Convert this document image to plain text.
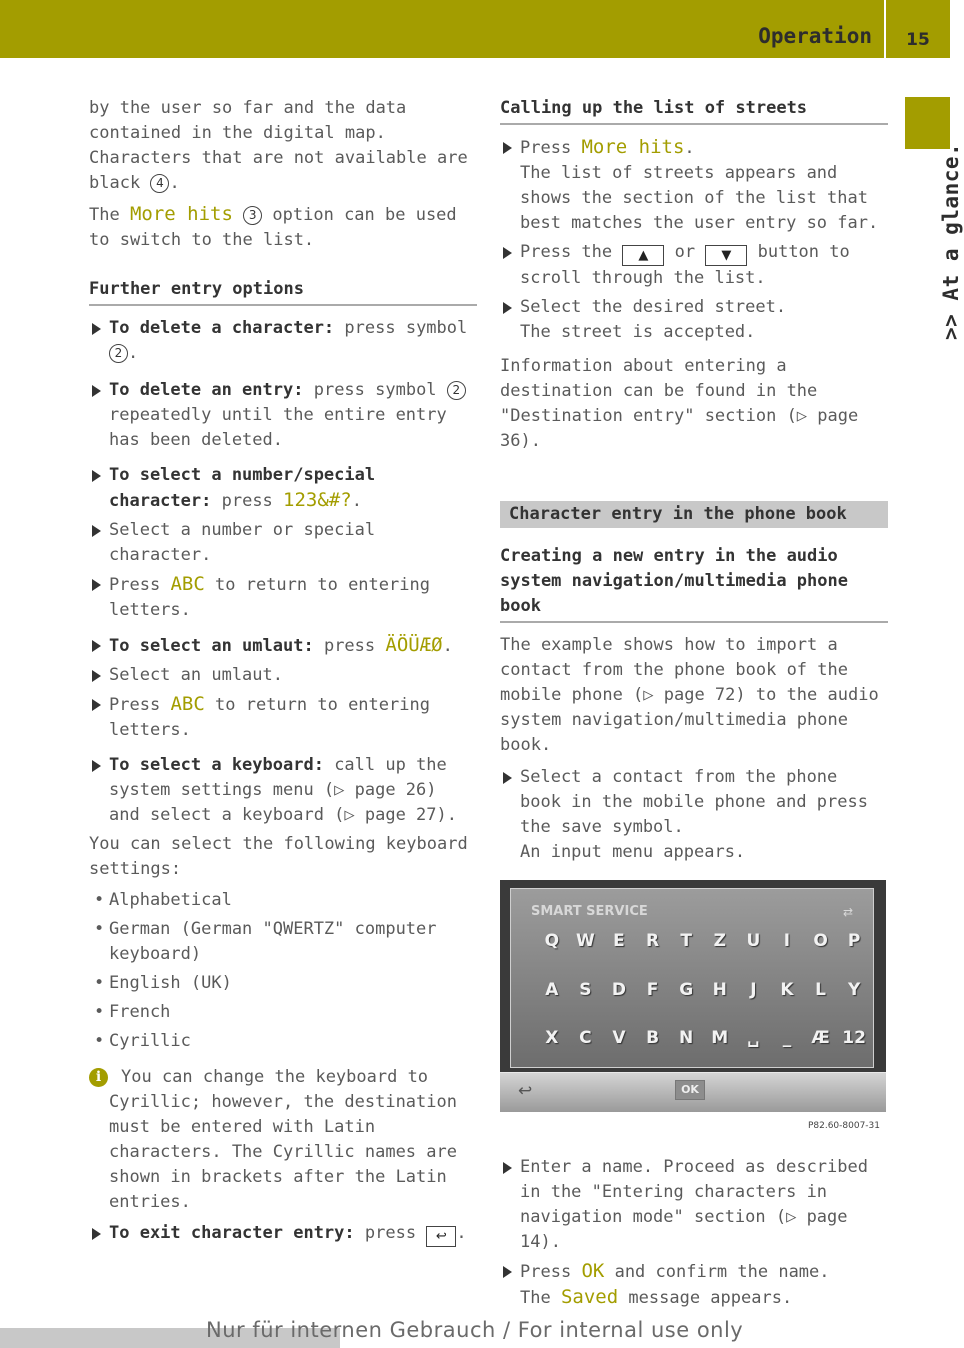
Operation	15
>> At a glance.

by the user so far and the data contained in the digital map. Characters that are not available are black 4 .

The More hits 3 option can be used to switch to the list.

Further entry options

To delete a character: press symbol 2 .

To delete an entry: press symbol 2 repeatedly until the entire entry has been deleted.

To select a number/special character: press 123&#?.

Select a number or special character.

Press ABC to return to entering letters.

To select an umlaut: press ÄÖÜÆØ.

Select an umlaut.

Press ABC to return to entering letters.

To select a keyboard: call up the system settings menu (▷ page 26) and select a keyboard (▷ page 27).

You can select the following keyboard settings:

• Alphabetical

• German (German "QWERTZ" computer keyboard)

• English (UK)

• French

• Cyrillic

i	You can change the keyboard to Cyrillic; however, the destination must be entered with Latin characters. The Cyrillic names are shown in brackets after the Latin entries.

To exit character entry: press ↩ .

Calling up the list of streets

Press More hits.

The list of streets appears and shows the section of the list that best matches the user entry so far.

Press the ▲ or ▼ button to scroll through the list.

Select the desired street.

The street is accepted.

Information about entering a destination can be found in the "Destination entry" section (▷ page 36).

Character entry in the phone book
Creating a new entry in the audio system navigation/multimedia phone book

The example shows how to import a contact from the phone book of the mobile phone (▷ page 72) to the audio system navigation/multimedia phone book.

Select a contact from the phone book in the mobile phone and press the save symbol.

An input menu appears.

SMART SERVICE	⇄
Q W	E	R	T	Z	U	I	O	P
A	S	D	F	G	H	J	K	L	Y
X	C	V	B	N	M	␣	_	Æ 12
↩	OK
P82.60-8007-31

Enter a name. Proceed as described in the "Entering characters in navigation mode" section (▷ page 14).

Press OK and confirm the name.

The Saved message appears.

Nur für internen Gebrauch / For internal use only
